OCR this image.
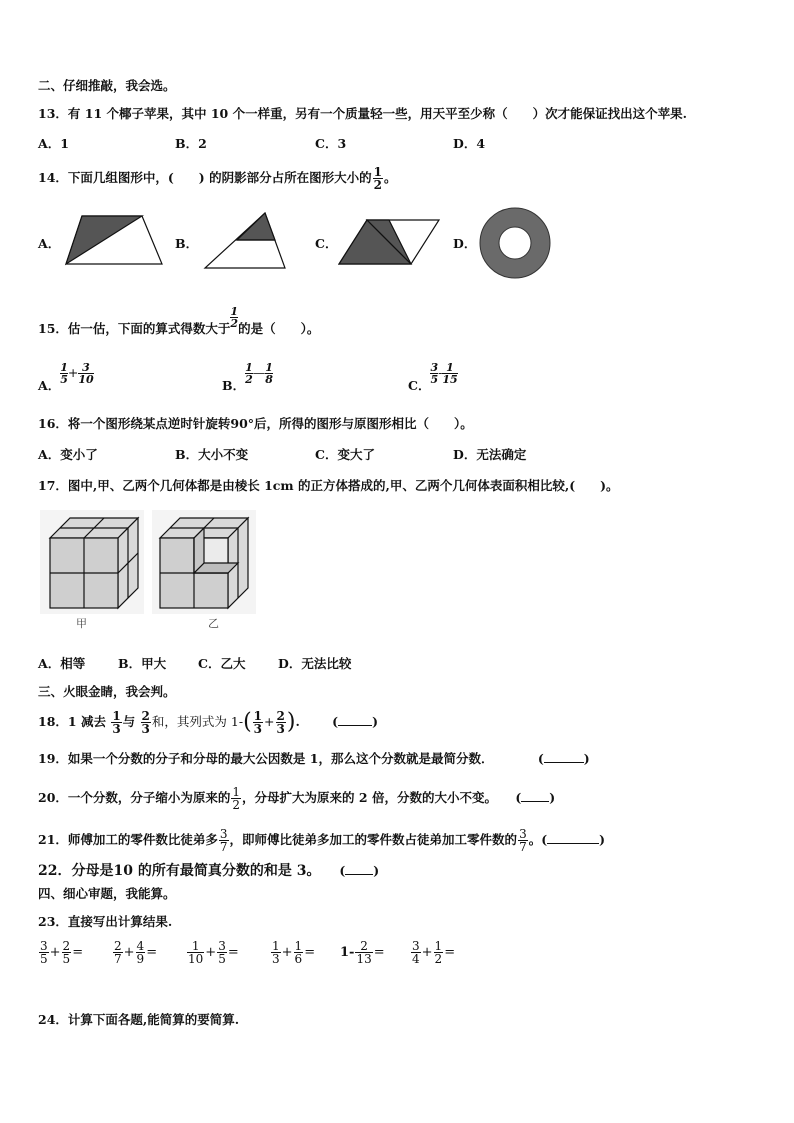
二、仔细推敲，我会选。
13．有 11 个椰子苹果，其中 10 个一样重，另有一个质量轻一些，用天平至少称（　　）次才能保证找出这个苹果.
A．1	B．2	C．3	D．4
14．下面几组图形中，(　　) 的阴影部分占所在图形大小的 $\frac{1}{2}$ 。
A．	B．	C．	D．
15．估一估，下面的算式得数大于 $\frac{1}{2}$ 的是（　　）。
A．
$\frac{1}{5} + \frac{3}{10}$
B．
$\frac{1}{2}$ — $\frac{1}{8}$
C．
$\frac{3}{5} - \frac{1}{15}$
16．将一个图形绕某点逆时针旋转90°后，所得的图形与原图形相比（　　）。
A．变小了	B．大小不变	C．变大了	D．无法确定
17．图中,甲、乙两个几何体都是由棱长 1cm 的正方体搭成的,甲、乙两个几何体表面积相比较,(　　)。
甲	乙
A．相等	B．甲大	C．乙大	D．无法比较
三、火眼金睛，我会判。
18．1 减去 $\frac{1}{3}$ 与 $\frac{2}{3}$ 和，其列式为 $1-( \frac{1}{3} + \frac{2}{3}$ ).	(	)
19．如果一个分数的分子和分母的最大公因数是 1，那么这个分数就是最简分数．	(	)
20．一个分数，分子缩小为原来的 $\frac{1}{2}$ ，分母扩大为原来的 2 倍，分数的大小不变。 ( )
21．师傅加工的零件数比徒弟多 $\frac{3}{7}$ ，即师傅比徒弟多加工的零件数占徒弟加工零件数的 $\frac{3}{7}$ 。(	)
22．分母是10 的所有最简真分数的和是 3。 ( )
四、细心审题，我能算。
23．直接写出计算结果.
$\frac{3}{5} + \frac{2}{5} = \frac{2}{7} + \frac{4}{9} = \frac{1}{10} + \frac{3}{5}$ =	$\frac{1}{3} + \frac{1}{6} = 1- \frac{2}{13} = \frac{3}{4} + \frac{1}{2}$ =
24．计算下面各题,能简算的要简算.
